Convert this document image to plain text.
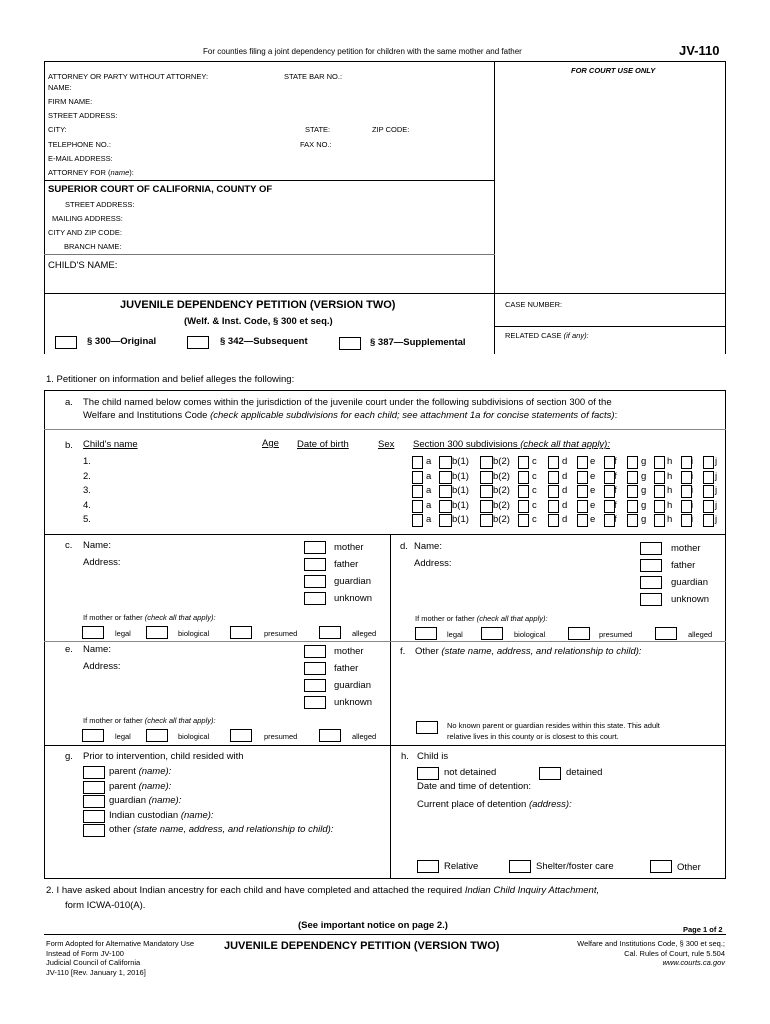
For counties filing a joint dependency petition for children with the same mother and father	JV-110
FOR COURT USE ONLY
ATTORNEY OR PARTY WITHOUT ATTORNEY:	STATE BAR NO.:
NAME:
FIRM NAME:
STREET ADDRESS:
CITY:	STATE:	ZIP CODE:
TELEPHONE NO.:	FAX NO.:
E-MAIL ADDRESS:
ATTORNEY FOR (name):
SUPERIOR COURT OF CALIFORNIA, COUNTY OF
STREET ADDRESS:
MAILING ADDRESS:
CITY AND ZIP CODE:
BRANCH NAME:
CHILD'S NAME:
JUVENILE DEPENDENCY PETITION (VERSION TWO)
(Welf. & Inst. Code, § 300 et seq.)
CASE NUMBER:
RELATED CASE (if any):
§ 300—Original	§ 342—Subsequent	§ 387—Supplemental
1. Petitioner on information and belief alleges the following:
a. The child named below comes within the jurisdiction of the juvenile court under the following subdivisions of section 300 of the
Welfare and Institutions Code (check applicable subdivisions for each child; see attachment 1a for concise statements of facts):
b. Child's name	Age Date of birth	Sex Section 300 subdivisions (check all that apply):
1.	a b(1)	b(2) c	d e f	g h i j
2.	a b(1)	b(2) c	d e f	g h i j
3.	a b(1)	b(2) c	d e f	g h i j
4.	a b(1)	b(2) c	d e f	g h i j
5.	a b(1)	b(2) c	d e f	g h i j
c. Name:
Address:
mother
father
guardian
unknown
If mother or father (check all that apply):
legal	biological	presumed	alleged
d. Name:
Address:
mother
father
guardian
unknown
If mother or father (check all that apply):
legal	biological	presumed	alleged
e. Name:
Address:
mother
father
guardian
unknown
If mother or father (check all that apply):
legal	biological	presumed	alleged
f. Other (state name, address, and relationship to child):
No known parent or guardian resides within this state. This adult
relative lives in this county or is closest to this court.
g. Prior to intervention, child resided with
parent (name):
parent (name):
guardian (name):
Indian custodian (name):
other (state name, address, and relationship to child):
h. Child is
not detained	detained
Date and time of detention:
Current place of detention (address):
Relative	Shelter/foster care	Other
2. I have asked about Indian ancestry for each child and have completed and attached the required Indian Child Inquiry Attachment,
form ICWA-010(A).
(See important notice on page 2.)	Page 1 of 2
Form Adopted for Alternative Mandatory Use
Instead of Form JV-100
Judicial Council of California
JV-110 [Rev. January 1, 2016]
JUVENILE DEPENDENCY PETITION (VERSION TWO)	Welfare and Institutions Code, § 300 et seq.;
Cal. Rules of Court, rule 5.504
www.courts.ca.gov
